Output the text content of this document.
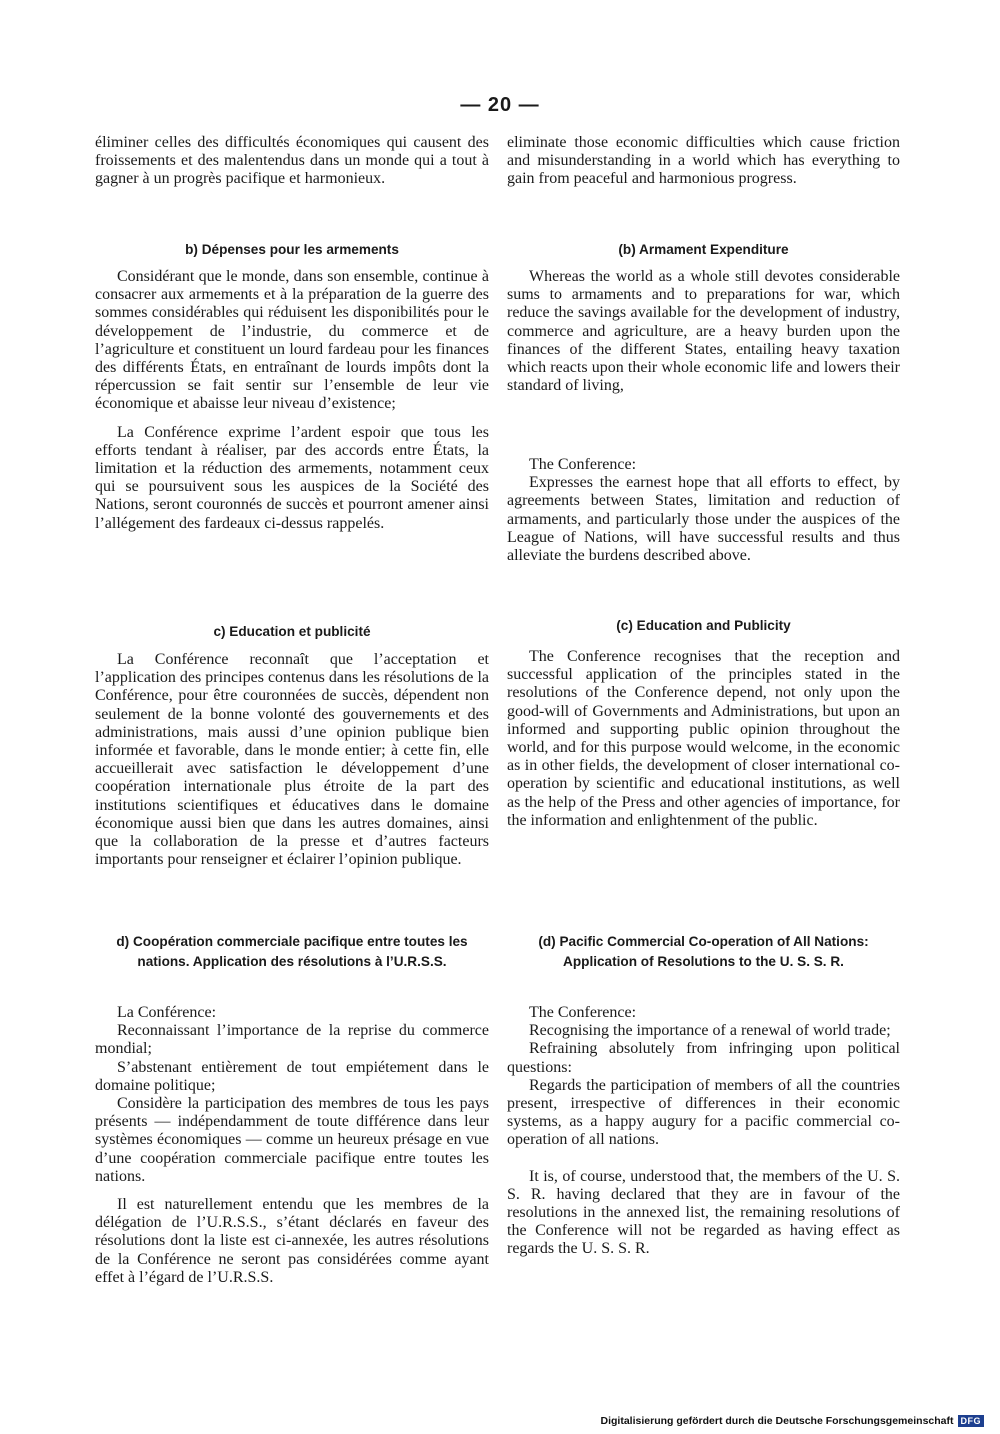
— 20 —

éliminer celles des difficultés économiques qui causent des froissements et des malentendus dans un monde qui a tout à gagner à un progrès pacifique et harmonieux.

b) Dépenses pour les armements

Considérant que le monde, dans son ensemble, continue à consacrer aux armements et à la préparation de la guerre des sommes considérables qui réduisent les disponibilités pour le développement de l’industrie, du commerce et de l’agriculture et constituent un lourd fardeau pour les finances des différents États, en entraînant de lourds impôts dont la répercussion se fait sentir sur l’ensemble de leur vie économique et abaisse leur niveau d’existence;

La Conférence exprime l’ardent espoir que tous les efforts tendant à réaliser, par des accords entre États, la limitation et la réduction des armements, notamment ceux qui se poursuivent sous les auspices de la Société des Nations, seront couronnés de succès et pourront amener ainsi l’allégement des fardeaux ci-dessus rappelés.

c) Education et publicité

La Conférence reconnaît que l’acceptation et l’application des principes contenus dans les résolutions de la Conférence, pour être couronnées de succès, dépendent non seulement de la bonne volonté des gouvernements et des administrations, mais aussi d’une opinion publique bien informée et favorable, dans le monde entier; à cette fin, elle accueillerait avec satisfaction le développement d’une coopération internationale plus étroite de la part des institutions scientifiques et éducatives dans le domaine économique aussi bien que dans les autres domaines, ainsi que la collaboration de la presse et d’autres facteurs importants pour renseigner et éclairer l’opinion publique.

d) Coopération commerciale pacifique entre toutes les nations. Application des résolutions à l’U.R.S.S.

La Conférence:

Reconnaissant l’importance de la reprise du commerce mondial;

S’abstenant entièrement de tout empiétement dans le domaine politique;

Considère la participation des membres de tous les pays présents — indépendamment de toute différence dans leur systèmes économiques — comme un heureux présage en vue d’une coopération commerciale pacifique entre toutes les nations.

Il est naturellement entendu que les membres de la délégation de l’U.R.S.S., s’étant déclarés en faveur des résolutions dont la liste est ci-annexée, les autres résolutions de la Conférence ne seront pas considérées comme ayant effet à l’égard de l’U.R.S.S.

eliminate those economic difficulties which cause friction and misunderstanding in a world which has everything to gain from peaceful and harmonious progress.

(b) Armament Expenditure

Whereas the world as a whole still devotes considerable sums to armaments and to preparations for war, which reduce the savings available for the development of industry, commerce and agriculture, are a heavy burden upon the finances of the different States, entailing heavy taxation which reacts upon their whole economic life and lowers their standard of living,

The Conference:

Expresses the earnest hope that all efforts to effect, by agreements between States, limitation and reduction of armaments, and particularly those under the auspices of the League of Nations, will have successful results and thus alleviate the burdens described above.

(c) Education and Publicity

The Conference recognises that the reception and successful application of the principles stated in the resolutions of the Conference depend, not only upon the good-will of Governments and Administrations, but upon an informed and supporting public opinion throughout the world, and for this purpose would welcome, in the economic as in other fields, the development of closer international co-operation by scientific and educational institutions, as well as the help of the Press and other agencies of importance, for the information and enlightenment of the public.

(d) Pacific Commercial Co-operation of All Nations: Application of Resolutions to the U. S. S. R.

The Conference:

Recognising the importance of a renewal of world trade;

Refraining absolutely from infringing upon political questions:

Regards the participation of members of all the countries present, irrespective of differences in their economic systems, as a happy augury for a pacific commercial co-operation of all nations.

It is, of course, understood that, the members of the U. S. S. R. having declared that they are in favour of the resolutions in the annexed list, the remaining resolutions of the Conference will not be regarded as having effect as regards the U. S. S. R.

Digitalisierung gefördert durch die Deutsche Forschungsgemeinschaft DFG
